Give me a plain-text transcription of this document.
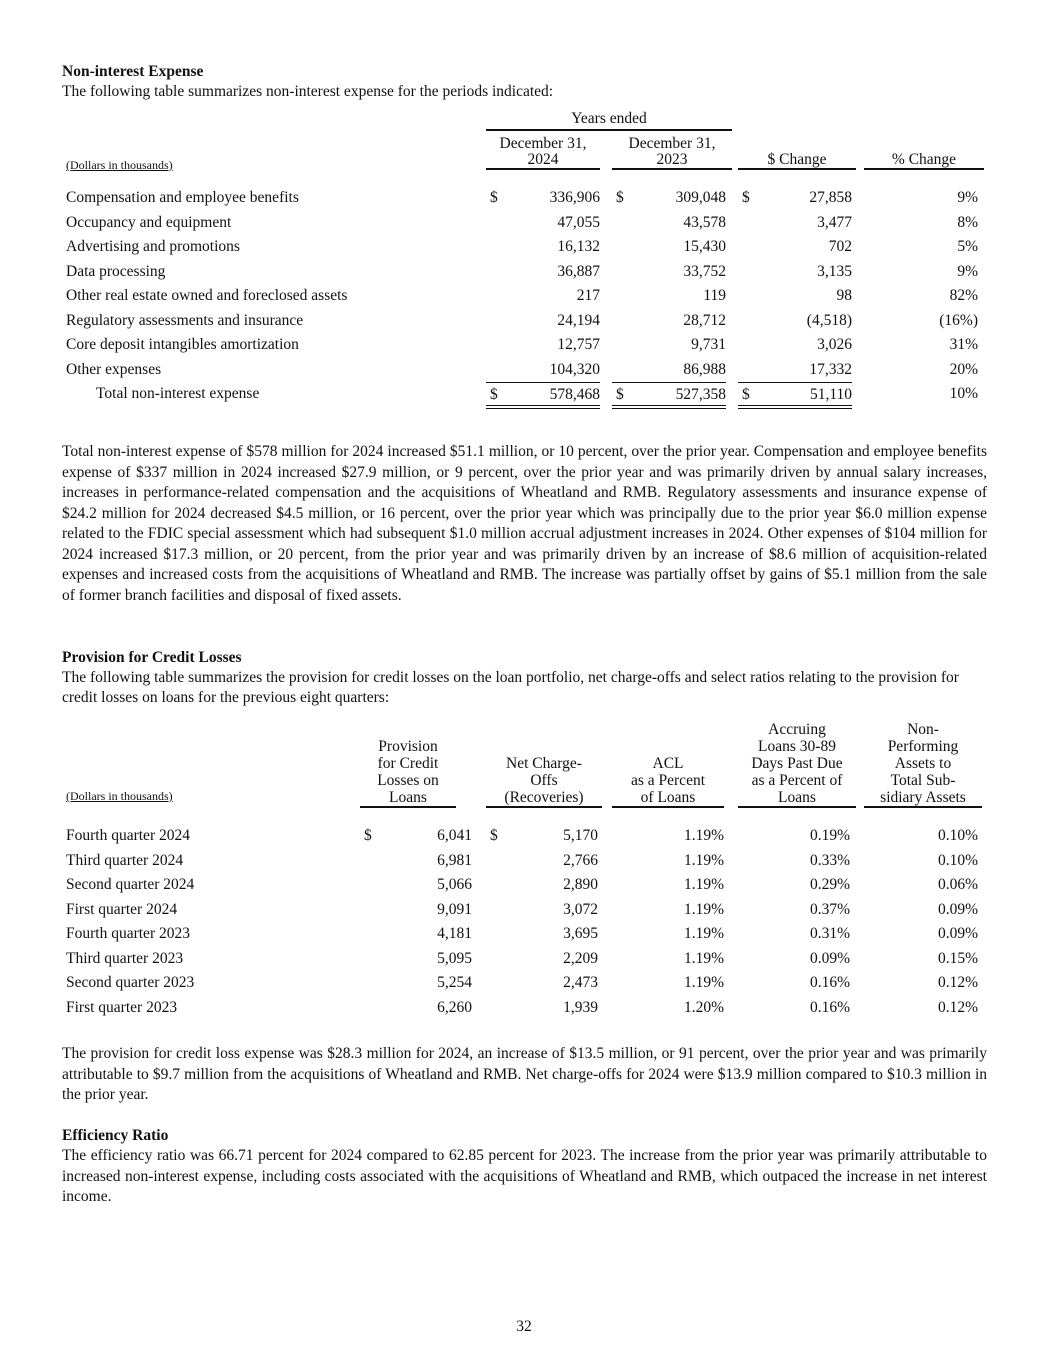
Non-interest Expense
The following table summarizes non-interest expense for the periods indicated:
Years ended
December 31,
2024
December 31,
2023	$ Change	% Change
(Dollars in thousands)
Compensation and employee benefits	$	336,906 $	309,048 $	27,858	9%
Occupancy and equipment	47,055	43,578	3,477	8%
Advertising and promotions	16,132	15,430	702	5%
Data processing	36,887	33,752	3,135	9%
Other real estate owned and foreclosed assets	217	119	98	82%
Regulatory assessments and insurance	24,194	28,712	(4,518)	(16%)
Core deposit intangibles amortization	12,757	9,731	3,026	31%
Other expenses	104,320	86,988	17,332	20%
Total non-interest expense	$	578,468 $	527,358 $	51,110	10%
Total non-interest expense of $578 million for 2024 increased $51.1 million, or 10 percent, over the prior year. Compensation and employee benefits expense of $337 million in 2024 increased $27.9 million, or 9 percent, over the prior year and was primarily driven by annual salary increases, increases in performance-related compensation and the acquisitions of Wheatland and RMB. Regulatory assessments and insurance expense of $24.2 million for 2024 decreased $4.5 million, or 16 percent, over the prior year which was principally due to the prior year $6.0 million expense related to the FDIC special assessment which had subsequent $1.0 million accrual adjustment increases in 2024. Other expenses of $104 million for 2024 increased $17.3 million, or 20 percent, from the prior year and was primarily driven by an increase of $8.6 million of acquisition-related expenses and increased costs from the acquisitions of Wheatland and RMB. The increase was partially offset by gains of $5.1 million from the sale of former branch facilities and disposal of fixed assets.
Provision for Credit Losses
The following table summarizes the provision for credit losses on the loan portfolio, net charge-offs and select ratios relating to the provision for credit losses on loans for the previous eight quarters:
(Dollars in thousands)
Provision
for Credit
Losses on
Loans
Net Charge-
Offs
(Recoveries)
ACL
as a Percent
of Loans
Accruing
Loans 30-89
Days Past Due
as a Percent of
Loans
Non-
Performing
Assets to
Total Sub-
sidiary Assets
Fourth quarter 2024	$	6,041 $	5,170	1.19%	0.19%	0.10%
Third quarter 2024	6,981	2,766	1.19%	0.33%	0.10%
Second quarter 2024	5,066	2,890	1.19%	0.29%	0.06%
First quarter 2024	9,091	3,072	1.19%	0.37%	0.09%
Fourth quarter 2023	4,181	3,695	1.19%	0.31%	0.09%
Third quarter 2023	5,095	2,209	1.19%	0.09%	0.15%
Second quarter 2023	5,254	2,473	1.19%	0.16%	0.12%
First quarter 2023	6,260	1,939	1.20%	0.16%	0.12%
The provision for credit loss expense was $28.3 million for 2024, an increase of $13.5 million, or 91 percent, over the prior year and was primarily attributable to $9.7 million from the acquisitions of Wheatland and RMB. Net charge-offs for 2024 were $13.9 million compared to $10.3 million in the prior year.
Efficiency Ratio
The efficiency ratio was 66.71 percent for 2024 compared to 62.85 percent for 2023. The increase from the prior year was primarily attributable to increased non-interest expense, including costs associated with the acquisitions of Wheatland and RMB, which outpaced the increase in net interest income.
32
